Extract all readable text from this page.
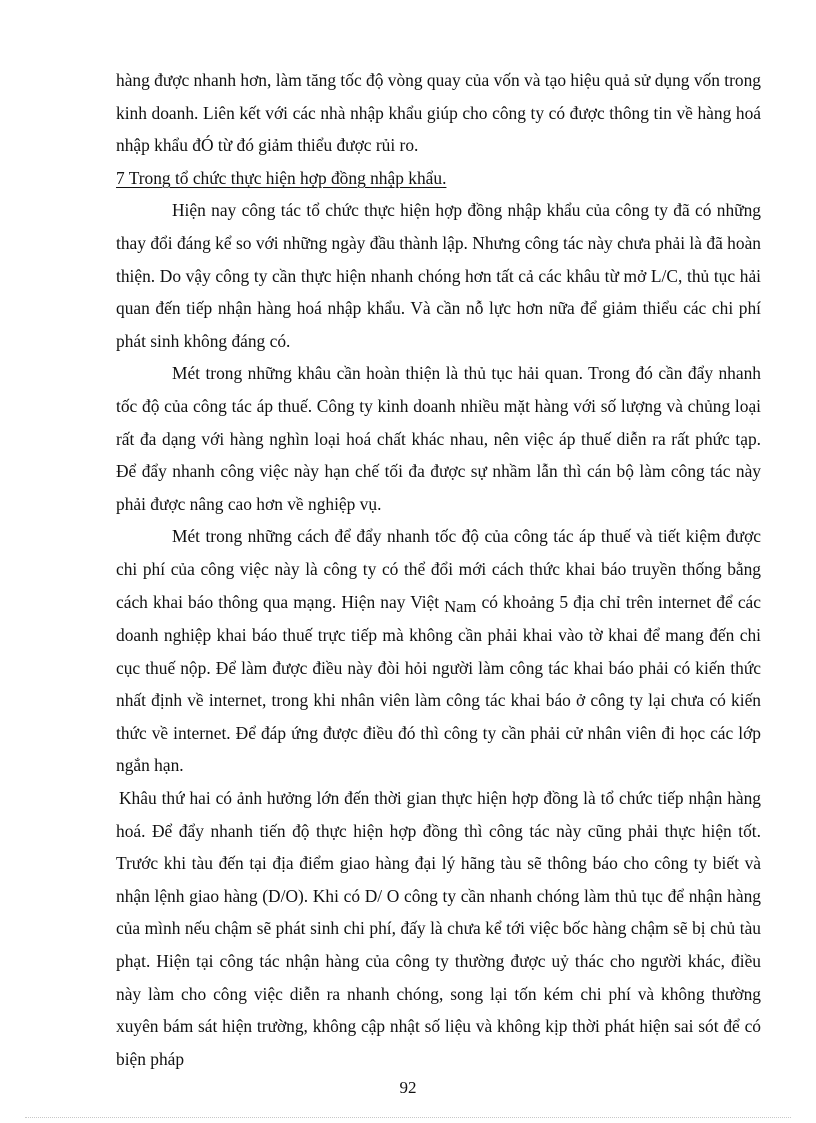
hàng được nhanh hơn, làm tăng tốc độ vòng quay của vốn và tạo hiệu quả sử dụng vốn trong kinh doanh. Liên kết với các nhà nhập khẩu giúp cho công ty có được thông tin về hàng hoá nhập khẩu đÓ từ đó giảm thiểu được rủi ro.

7 Trong tổ chức thực hiện hợp đồng nhập khẩu.

Hiện nay công tác tổ chức thực hiện hợp đồng nhập khẩu của công ty đã có những thay đổi đáng kể so với những ngày đầu thành lập. Nhưng công tác này chưa phải là đã hoàn thiện. Do vậy công ty cần thực hiện nhanh chóng hơn tất cả các khâu từ mở L/C, thủ tục hải quan đến tiếp nhận hàng hoá nhập khẩu. Và cần nỗ lực hơn nữa để giảm thiểu các chi phí phát sinh không đáng có.

Mét trong những khâu cần hoàn thiện là thủ tục hải quan. Trong đó cần đẩy nhanh tốc độ của công tác áp thuế. Công ty kinh doanh nhiều mặt hàng với số lượng và chủng loại rất đa dạng với hàng nghìn loại hoá chất khác nhau, nên việc áp thuế diễn ra rất phức tạp. Để đẩy nhanh công việc này hạn chế tối đa được sự nhầm lẫn thì cán bộ làm công tác này phải được nâng cao hơn về nghiệp vụ.

Mét trong những cách để đẩy nhanh tốc độ của công tác áp thuế và tiết kiệm được chi phí của công việc này là công ty có thể đổi mới cách thức khai báo truyền thống bằng cách khai báo thông qua mạng. Hiện nay Việt Nam có khoảng 5 địa chỉ trên internet để các doanh nghiệp khai báo thuế trực tiếp mà không cần phải khai vào tờ khai để mang đến chi cục thuế nộp. Để làm được điều này đòi hỏi người làm công tác khai báo phải có kiến thức nhất định về internet, trong khi nhân viên làm công tác khai báo ở công ty lại chưa có kiến thức về internet. Để đáp ứng được điều đó thì công ty cần phải cử nhân viên đi học các lớp ngắn hạn.

Khâu thứ hai có ảnh hưởng lớn đến thời gian thực hiện hợp đồng là tổ chức tiếp nhận hàng hoá. Để đẩy nhanh tiến độ thực hiện hợp đồng thì công tác này cũng phải thực hiện tốt. Trước khi tàu đến tại địa điểm giao hàng đại lý hãng tàu sẽ thông báo cho công ty biết và nhận lệnh giao hàng (D/O). Khi có D/ O công ty cần nhanh chóng làm thủ tục để nhận hàng của mình nếu chậm sẽ phát sinh chi phí, đấy là chưa kể tới việc bốc hàng chậm sẽ bị chủ tàu phạt. Hiện tại công tác nhận hàng của công ty thường được uỷ thác cho người khác, điều này làm cho công việc diễn ra nhanh chóng, song lại tốn kém chi phí và không thường xuyên bám sát hiện trường, không cập nhật số liệu và không kịp thời phát hiện sai sót để có biện pháp

92
